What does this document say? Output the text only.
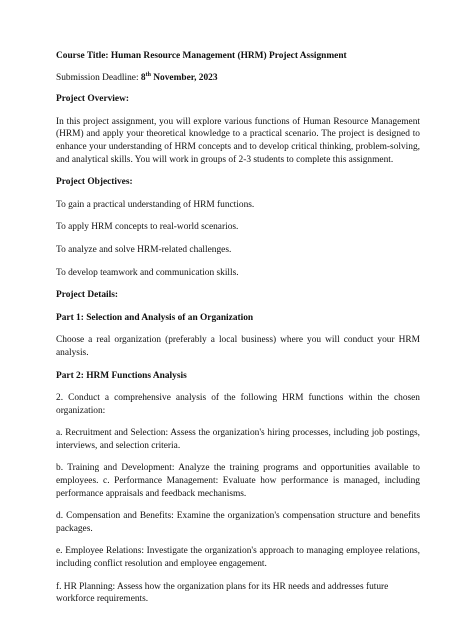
Course Title: Human Resource Management (HRM) Project Assignment

Submission Deadline: 8th November, 2023

Project Overview:

In this project assignment, you will explore various functions of Human Resource Management (HRM) and apply your theoretical knowledge to a practical scenario. The project is designed to enhance your understanding of HRM concepts and to develop critical thinking, problem-solving, and analytical skills. You will work in groups of 2-3 students to complete this assignment.

Project Objectives:

To gain a practical understanding of HRM functions.

To apply HRM concepts to real-world scenarios.

To analyze and solve HRM-related challenges.

To develop teamwork and communication skills.

Project Details:

Part 1: Selection and Analysis of an Organization

Choose a real organization (preferably a local business) where you will conduct your HRM analysis.

Part 2: HRM Functions Analysis

2. Conduct a comprehensive analysis of the following HRM functions within the chosen organization:

a. Recruitment and Selection: Assess the organization's hiring processes, including job postings, interviews, and selection criteria.

b. Training and Development: Analyze the training programs and opportunities available to employees. c. Performance Management: Evaluate how performance is managed, including performance appraisals and feedback mechanisms.

d. Compensation and Benefits: Examine the organization's compensation structure and benefits packages.

e. Employee Relations: Investigate the organization's approach to managing employee relations, including conflict resolution and employee engagement.

f. HR Planning: Assess how the organization plans for its HR needs and addresses future workforce requirements.
